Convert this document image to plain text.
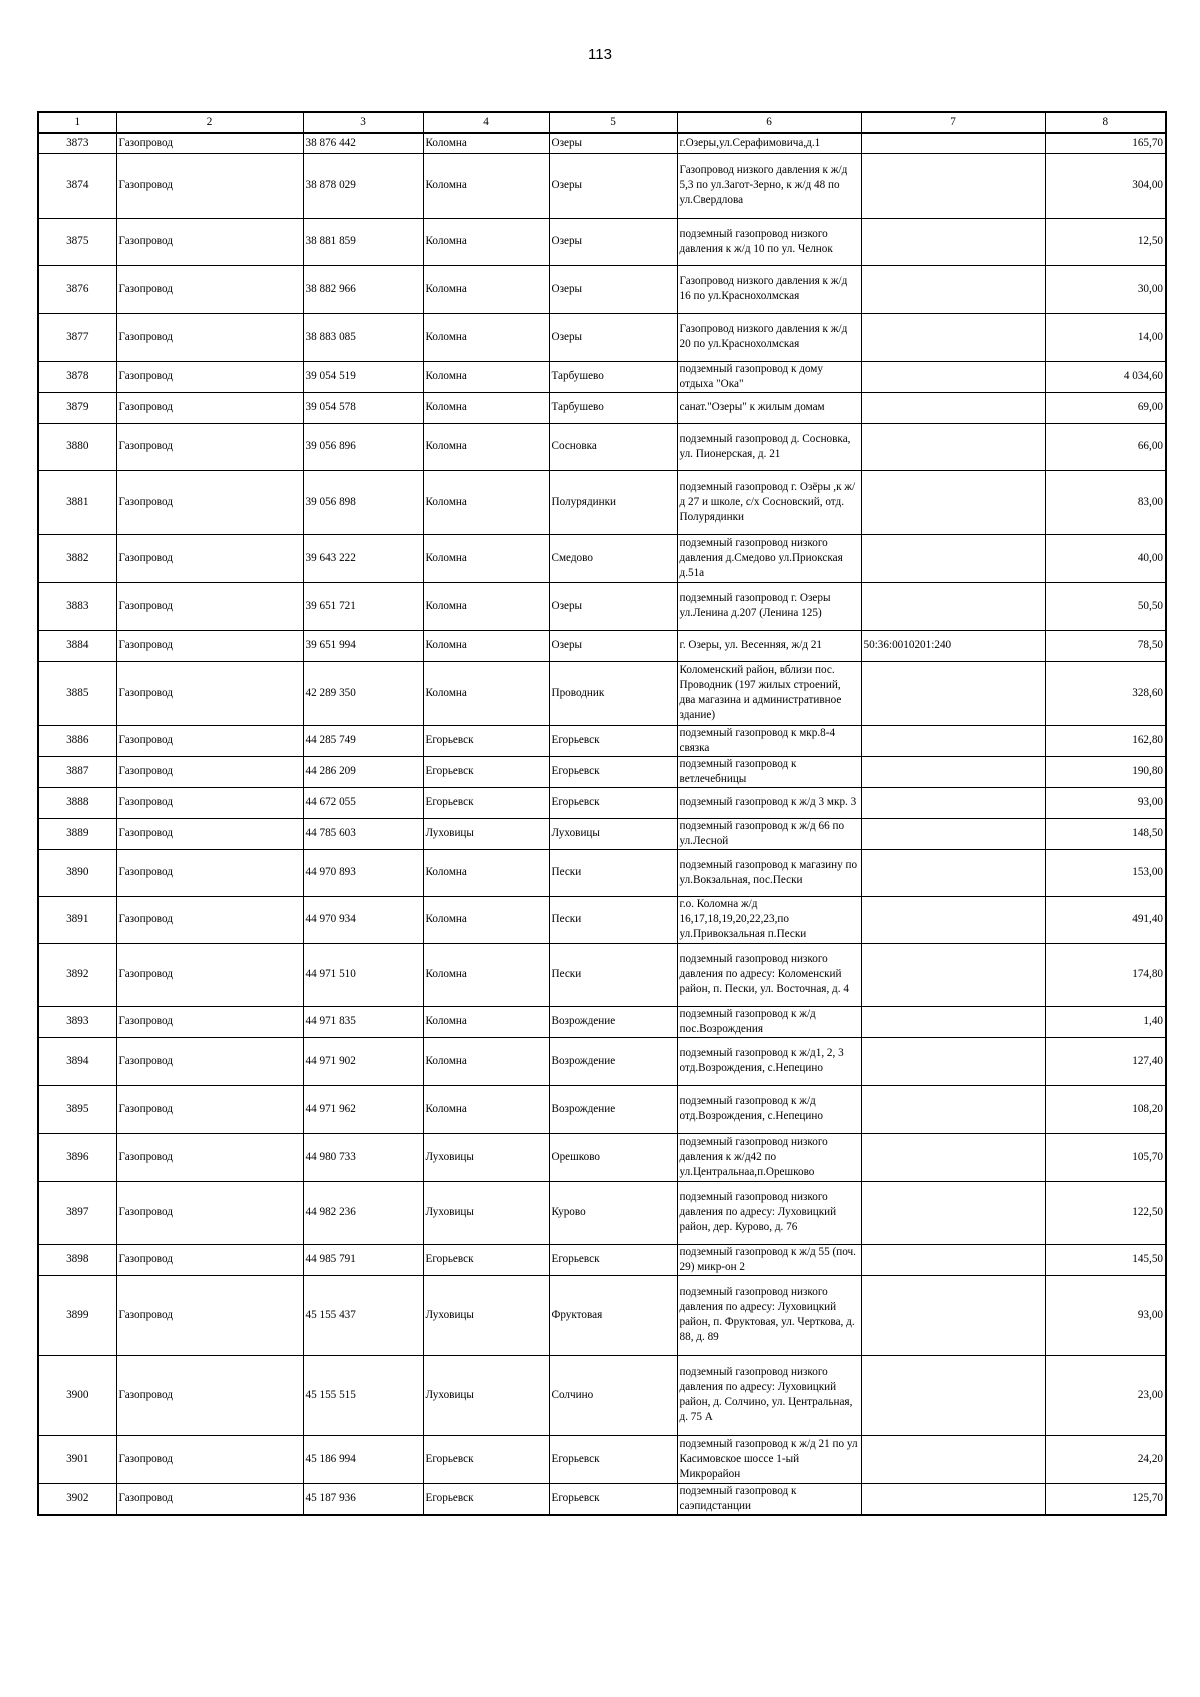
113
1	2	3	4	5	6	7	8
3873	Газопровод	38 876 442	Коломна	Озеры	г.Озеры,ул.Серафимовича,д.1		165,70
3874	Газопровод	38 878 029	Коломна	Озеры	Газопровод низкого давления к ж/д 5,3 по ул.Загот-Зерно, к ж/д 48 по ул.Свердлова		304,00
3875	Газопровод	38 881 859	Коломна	Озеры	подземный газопровод низкого давления к ж/д 10 по ул. Челнок		12,50
3876	Газопровод	38 882 966	Коломна	Озеры	Газопровод низкого давления к ж/д 16 по ул.Краснохолмская		30,00
3877	Газопровод	38 883 085	Коломна	Озеры	Газопровод низкого давления к ж/д 20 по ул.Краснохолмская		14,00
3878	Газопровод	39 054 519	Коломна	Тарбушево	подземный газопровод к дому отдыха "Ока"		4 034,60
3879	Газопровод	39 054 578	Коломна	Тарбушево	санат."Озеры" к жилым домам		69,00
3880	Газопровод	39 056 896	Коломна	Сосновка	подземный газопровод д. Сосновка, ул. Пионерская, д. 21		66,00
3881	Газопровод	39 056 898	Коломна	Полурядинки	подземный газопровод г. Озёры ,к ж/д 27 и школе, с/х Сосновский, отд. Полурядинки		83,00
3882	Газопровод	39 643 222	Коломна	Смедово	подземный газопровод низкого давления д.Смедово ул.Приокская д.51а		40,00
3883	Газопровод	39 651 721	Коломна	Озеры	подземный газопровод г. Озеры ул.Ленина д.207 (Ленина 125)		50,50
3884	Газопровод	39 651 994	Коломна	Озеры	г. Озеры, ул. Весенняя, ж/д 21	50:36:0010201:240	78,50
3885	Газопровод	42 289 350	Коломна	Проводник	Коломенский район, вблизи пос. Проводник (197 жилых строений, два магазина и административное здание)		328,60
3886	Газопровод	44 285 749	Егорьевск	Егорьевск	подземный газопровод к мкр.8-4 связка		162,80
3887	Газопровод	44 286 209	Егорьевск	Егорьевск	подземный газопровод к ветлечебницы		190,80
3888	Газопровод	44 672 055	Егорьевск	Егорьевск	подземный газопровод к ж/д 3 мкр. 3		93,00
3889	Газопровод	44 785 603	Луховицы	Луховицы	подземный газопровод к ж/д 66 по ул.Лесной		148,50
3890	Газопровод	44 970 893	Коломна	Пески	подземный газопровод к магазину по ул.Вокзальная, пос.Пески		153,00
3891	Газопровод	44 970 934	Коломна	Пески	г.о. Коломна ж/д 16,17,18,19,20,22,23,по ул.Привокзальная п.Пески		491,40
3892	Газопровод	44 971 510	Коломна	Пески	подземный газопровод низкого давления по адресу: Коломенский район, п. Пески, ул. Восточная, д. 4		174,80
3893	Газопровод	44 971 835	Коломна	Возрождение	подземный газопровод к ж/д пос.Возрождения		1,40
3894	Газопровод	44 971 902	Коломна	Возрождение	подземный газопровод к ж/д1, 2, 3 отд.Возрождения, с.Непецино		127,40
3895	Газопровод	44 971 962	Коломна	Возрождение	подземный газопровод к ж/д отд.Возрождения, с.Непецино		108,20
3896	Газопровод	44 980 733	Луховицы	Орешково	подземный газопровод низкого давления к ж/д42 по ул.Центральнаа,п.Орешково		105,70
3897	Газопровод	44 982 236	Луховицы	Курово	подземный газопровод низкого давления по адресу: Луховицкий район, дер. Курово, д. 76		122,50
3898	Газопровод	44 985 791	Егорьевск	Егорьевск	подземный газопровод к ж/д 55 (поч. 29) микр-он 2		145,50
3899	Газопровод	45 155 437	Луховицы	Фруктовая	подземный газопровод низкого давления по адресу: Луховицкий район, п. Фруктовая, ул. Черткова, д. 88, д. 89		93,00
3900	Газопровод	45 155 515	Луховицы	Солчино	подземный газопровод низкого давления по адресу: Луховицкий район, д. Солчино, ул. Центральная, д. 75 А		23,00
3901	Газопровод	45 186 994	Егорьевск	Егорьевск	подземный газопровод к ж/д 21 по ул Касимовское шоссе 1-ый Микрорайон		24,20
3902	Газопровод	45 187 936	Егорьевск	Егорьевск	подземный газопровод к саэпидстанции		125,70
